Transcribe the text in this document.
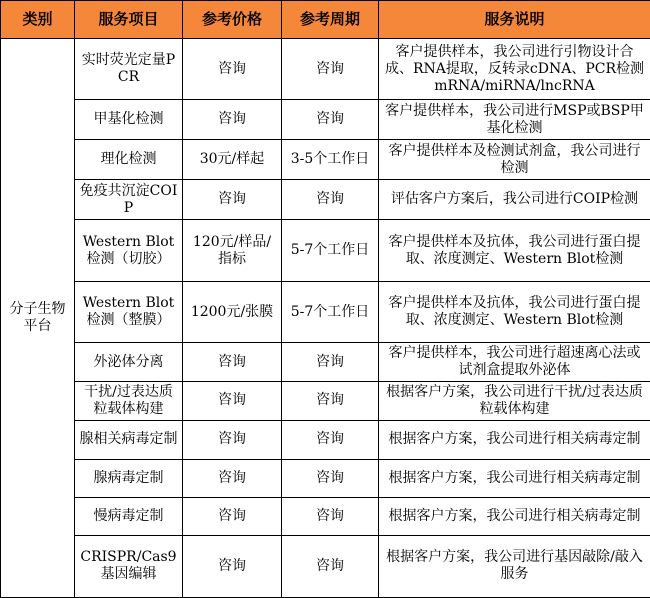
类别	服务项目	参考价格	参考周期	服务说明
分子生物平台	实时荧光定量PCR	咨询	咨询	客户提供样本，我公司进行引物设计合成、RNA提取，反转录cDNA、PCR检测mRNA/miRNA/lncRNA
	甲基化检测	咨询	咨询	客户提供样本，我公司进行MSP或BSP甲基化检测
	理化检测	30元/样起	3-5个工作日	客户提供样本及检测试剂盒，我公司进行检测
	免疫共沉淀COIP	咨询	咨询	评估客户方案后，我公司进行COIP检测
	Western Blot检测（切胶）	120元/样品/指标	5-7个工作日	客户提供样本及抗体，我公司进行蛋白提取、浓度测定、Western Blot检测
	Western Blot检测（整膜）	1200元/张膜	5-7个工作日	客户提供样本及抗体，我公司进行蛋白提取、浓度测定、Western Blot检测
	外泌体分离	咨询	咨询	客户提供样本，我公司进行超速离心法或试剂盒提取外泌体
	干扰/过表达质粒载体构建	咨询	咨询	根据客户方案，我公司进行干扰/过表达质粒载体构建
	腺相关病毒定制	咨询	咨询	根据客户方案，我公司进行相关病毒定制
	腺病毒定制	咨询	咨询	根据客户方案，我公司进行相关病毒定制
	慢病毒定制	咨询	咨询	根据客户方案，我公司进行相关病毒定制
	CRISPR/Cas9基因编辑	咨询	咨询	根据客户方案，我公司进行基因敲除/敲入服务
